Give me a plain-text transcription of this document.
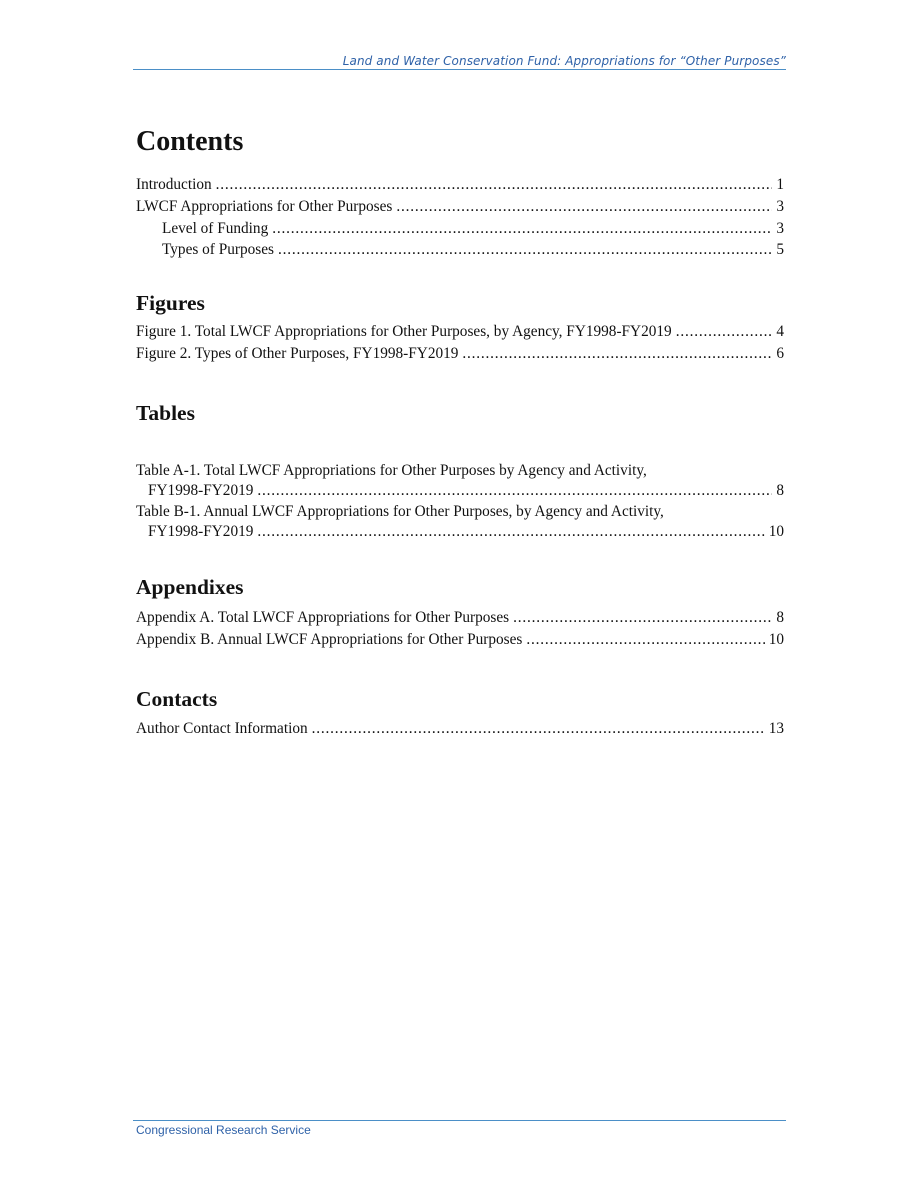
Land and Water Conservation Fund: Appropriations for “Other Purposes”
Contents
Introduction .....	1
LWCF Appropriations for Other Purposes .....	3
Level of Funding .....	3
Types of Purposes .....	5
Figures
Figure 1. Total LWCF Appropriations for Other Purposes, by Agency, FY1998-FY2019 .....	4
Figure 2. Types of Other Purposes, FY1998-FY2019 .....	6
Tables
Table A-1. Total LWCF Appropriations for Other Purposes by Agency and Activity,
FY1998-FY2019 .....	8
Table B-1. Annual LWCF Appropriations for Other Purposes, by Agency and Activity,
FY1998-FY2019 .....	10
Appendixes
Appendix A. Total LWCF Appropriations for Other Purposes .....	8
Appendix B. Annual LWCF Appropriations for Other Purposes .....	10
Contacts
Author Contact Information .....	13
Congressional Research Service
